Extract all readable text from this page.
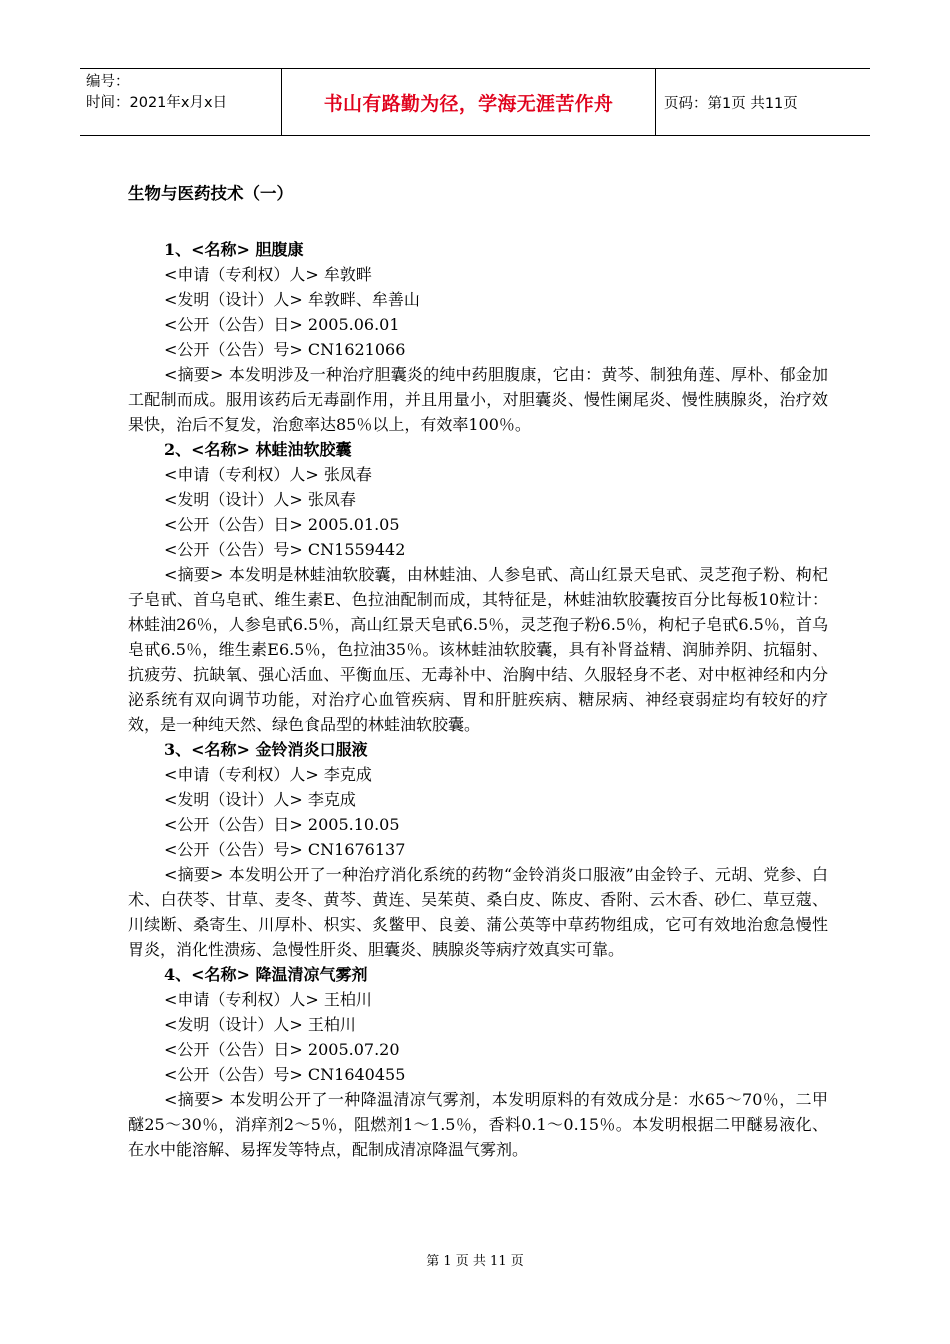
编号：
时间：2021年x月x日	书山有路勤为径，学海无涯苦作舟	页码：第1页 共11页
生物与医药技术（一）
1、<名称> 胆腹康
<申请（专利权）人> 牟敦畔
<发明（设计）人> 牟敦畔、牟善山
<公开（公告）日> 2005.06.01
<公开（公告）号> CN1621066
<摘要> 本发明涉及一种治疗胆囊炎的纯中药胆腹康，它由：黄芩、制独角莲、厚朴、郁金加工配制而成。服用该药后无毒副作用，并且用量小，对胆囊炎、慢性阑尾炎、慢性胰腺炎，治疗效果快，治后不复发，治愈率达85％以上，有效率100％。
2、<名称> 林蛙油软胶囊
<申请（专利权）人> 张凤春
<发明（设计）人> 张凤春
<公开（公告）日> 2005.01.05
<公开（公告）号> CN1559442
<摘要> 本发明是林蛙油软胶囊，由林蛙油、人参皂甙、高山红景天皂甙、灵芝孢子粉、枸杞子皂甙、首乌皂甙、维生素E、色拉油配制而成，其特征是，林蛙油软胶囊按百分比每板10粒计：林蛙油26％，人参皂甙6.5％，高山红景天皂甙6.5％，灵芝孢子粉6.5％，枸杞子皂甙6.5％，首乌皂甙6.5％，维生素E6.5％，色拉油35％。该林蛙油软胶囊，具有补肾益精、润肺养阴、抗辐射、抗疲劳、抗缺氧、强心活血、平衡血压、无毒补中、治胸中结、久服轻身不老、对中枢神经和内分泌系统有双向调节功能，对治疗心血管疾病、胃和肝脏疾病、糖尿病、神经衰弱症均有较好的疗效，是一种纯天然、绿色食品型的林蛙油软胶囊。
3、<名称> 金铃消炎口服液
<申请（专利权）人> 李克成
<发明（设计）人> 李克成
<公开（公告）日> 2005.10.05
<公开（公告）号> CN1676137
<摘要> 本发明公开了一种治疗消化系统的药物“金铃消炎口服液”由金铃子、元胡、党参、白术、白茯苓、甘草、麦冬、黄芩、黄连、吴茱萸、桑白皮、陈皮、香附、云木香、砂仁、草豆蔻、川续断、桑寄生、川厚朴、枳实、炙鳖甲、良姜、蒲公英等中草药物组成，它可有效地治愈急慢性胃炎，消化性溃疡、急慢性肝炎、胆囊炎、胰腺炎等病疗效真实可靠。
4、<名称> 降温清凉气雾剂
<申请（专利权）人> 王柏川
<发明（设计）人> 王柏川
<公开（公告）日> 2005.07.20
<公开（公告）号> CN1640455
<摘要> 本发明公开了一种降温清凉气雾剂，本发明原料的有效成分是：水65～70％，二甲醚25～30％，消痒剂2～5％，阻燃剂1～1.5％，香料0.1～0.15％。本发明根据二甲醚易液化、在水中能溶解、易挥发等特点，配制成清凉降温气雾剂。
第 1 页 共 11 页
